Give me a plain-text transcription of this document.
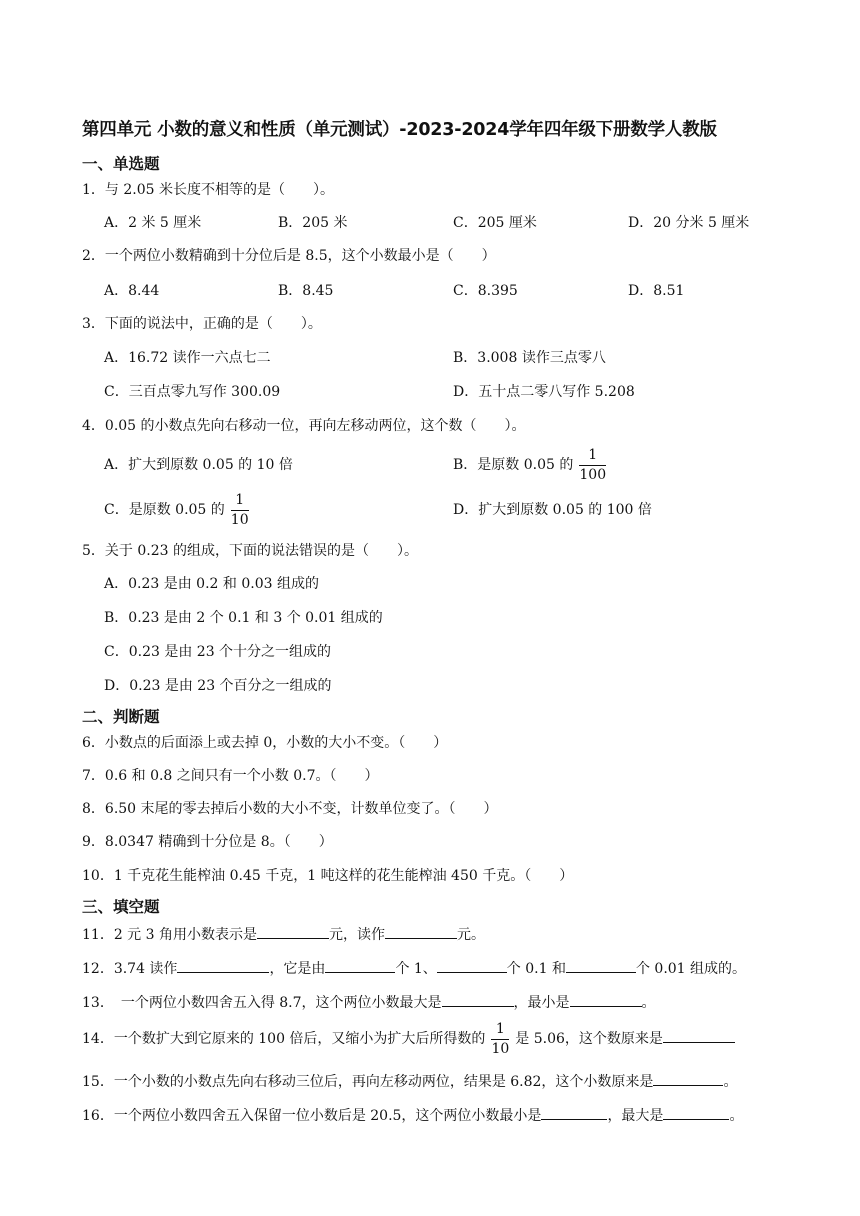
第四单元 小数的意义和性质（单元测试）-2023-2024学年四年级下册数学人教版
一、单选题
1．与 2.05 米长度不相等的是（　　）。
A．2 米 5 厘米	B．205 米	C．205 厘米	D．20 分米 5 厘米
2．一个两位小数精确到十分位后是 8.5，这个小数最小是（　　）
A．8.44	B．8.45	C．8.395	D．8.51
3．下面的说法中，正确的是（　　）。
A．16.72 读作一六点七二	B．3.008 读作三点零八
C．三百点零九写作 300.09	D．五十点二零八写作 5.208
4．0.05 的小数点先向右移动一位，再向左移动两位，这个数（　　）。
A．扩大到原数 0.05 的 10 倍	B．是原数 0.05 的 $\frac{1}{100}$
C．是原数 0.05 的 $\frac{1}{10}$	D．扩大到原数 0.05 的 100 倍
5．关于 0.23 的组成，下面的说法错误的是（　　）。
A．0.23 是由 0.2 和 0.03 组成的
B．0.23 是由 2 个 0.1 和 3 个 0.01 组成的
C．0.23 是由 23 个十分之一组成的
D．0.23 是由 23 个百分之一组成的
二、判断题
6．小数点的后面添上或去掉 0，小数的大小不变。（　　）
7．0.6 和 0.8 之间只有一个小数 0.7。（　　）
8．6.50 末尾的零去掉后小数的大小不变，计数单位变了。（　　）
9．8.0347 精确到十分位是 8。（　　）
10．1 千克花生能榨油 0.45 千克，1 吨这样的花生能榨油 450 千克。（　　）
三、填空题
11．2 元 3 角用小数表示是	元，读作	元。
12．3.74 读作	，它是由	个 1、	个 0.1 和	个 0.01 组成的。
13．　一个两位小数四舍五入得 8.7，这个两位小数最大是	，最小是	。
14．一个数扩大到它原来的 100 倍后，又缩小为扩大后所得数的 $\frac{1}{10}$ 是 5.06，这个数原来是
15．一个小数的小数点先向右移动三位后，再向左移动两位，结果是 6.82，这个小数原来是	。
16．一个两位小数四舍五入保留一位小数后是 20.5，这个两位小数最小是	，最大是	。
